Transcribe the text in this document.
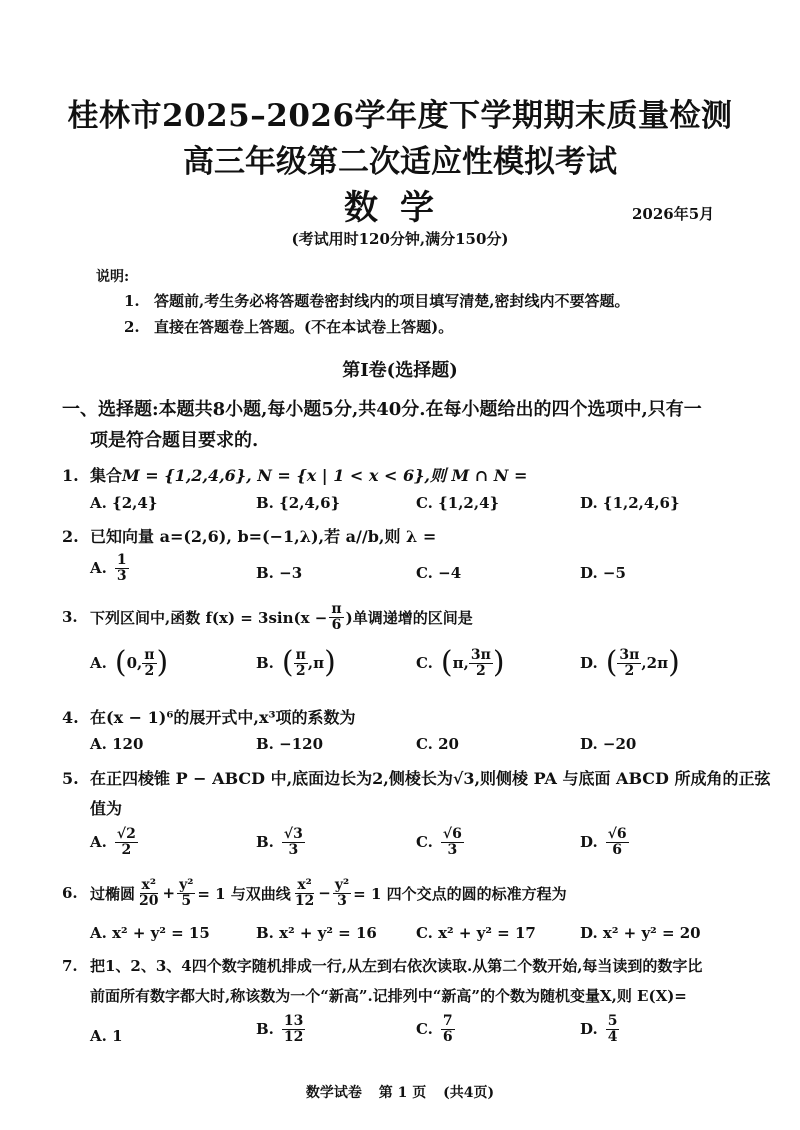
桂林市2025–2026学年度下学期期末质量检测
高三年级第二次适应性模拟考试
数学	2026年5月
(考试用时120分钟,满分150分)
说明:
1. 答题前,考生务必将答题卷密封线内的项目填写清楚,密封线内不要答题。
2. 直接在答题卷上答题。(不在本试卷上答题)。
第Ⅰ卷(选择题)
一、选择题:本题共8小题,每小题5分,共40分.在每小题给出的四个选项中,只有一
项是符合题目要求的.
1. 集合M = {1,2,4,6}, N = {x | 1 < x < 6},则 M ∩ N =
A. {2,4}	B. {2,4,6}	C. {1,2,4}	D. {1,2,4,6}
2. 已知向量 a=(2,6), b=(−1,λ),若 a//b,则 λ =
A. $\frac{1}{3}$	B. −3	C. −4	D. −5
3. 下列区间中,函数 $f(x) = 3\sin(x - \frac{\pi}{6}$ )单调递增的区间是
A. ( 0, $\frac{\pi}{2}$ )	B. ( $\frac{\pi}{2} ,\pi$ )	C. ( π, $\frac{3\pi}{2}$ )	D. ( $\frac{3\pi}{2} ,2\pi$ )
4. 在(x − 1)⁶的展开式中,x³项的系数为
A. 120	B. −120	C. 20	D. −20
5. 在正四棱锥 P − ABCD 中,底面边长为2,侧棱长为√3,则侧棱 PA 与底面 ABCD 所成角的正弦
值为
A. $\frac{√2}{2}$	B. $\frac{√3}{3}$	C. $\frac{√6}{3}$	D. $\frac{√6}{6}$
6. 过椭圆 $\frac{\text{x²}}{20} + \frac{\text{y²}}{5} = 1$ 与双曲线 $\frac{\text{x²}}{12} - \frac{\text{y²}}{3} = 1$ 四个交点的圆的标准方程为
A. x² + y² = 15	B. x² + y² = 16	C. x² + y² = 17	D. x² + y² = 20
7. 把1、2、3、4四个数字随机排成一行,从左到右依次读取.从第二个数开始,每当读到的数字比
前面所有数字都大时,称该数为一个“新高”.记排列中“新高”的个数为随机变量X,则 E(X)=
A. 1	B. $\frac{13}{12}$	C. $\frac{7}{6}$	D. $\frac{5}{4}$
数学试卷 第 1 页 (共4页)
